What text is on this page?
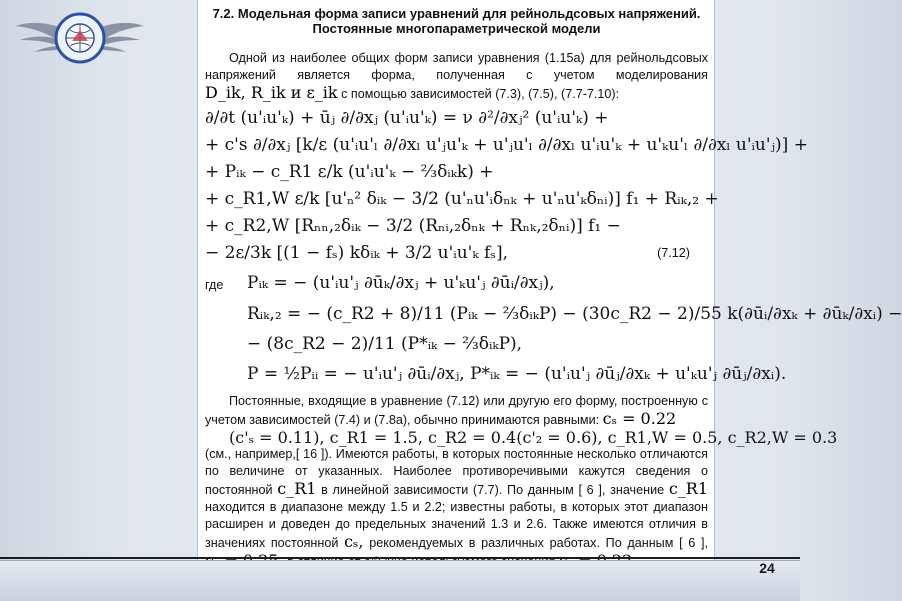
7.2. Модельная форма записи уравнений для рейнольдсовых напряжений.
Постоянные многопараметрической модели
Одной из наиболее общих форм записи уравнения (1.15а) для рейнольдсовых напряжений является форма, полученная с учетом моделирования D_ik, R_ik и ε_ik с помощью зависимостей (7.3), (7.5), (7.7-7.10):
∂/∂t (u'ᵢu'ₖ) + ūⱼ ∂/∂xⱼ (u'ᵢu'ₖ) = ν ∂²/∂xⱼ² (u'ᵢu'ₖ) +
+ c's ∂/∂xⱼ [k/ε (u'ᵢu'ₗ ∂/∂xₗ u'ⱼu'ₖ + u'ⱼu'ₗ ∂/∂xₗ u'ᵢu'ₖ + u'ₖu'ₗ ∂/∂xₗ u'ᵢu'ⱼ)] +
+ Pᵢₖ − c_R1 ε/k (u'ᵢu'ₖ − ⅔δᵢₖk) +
+ c_R1,W ε/k [u'ₙ² δᵢₖ − 3/2 (u'ₙu'ᵢδₙₖ + u'ₙu'ₖδₙᵢ)] f₁ + Rᵢₖ,₂ +
+ c_R2,W [Rₙₙ,₂δᵢₖ − 3/2 (Rₙᵢ,₂δₙₖ + Rₙₖ,₂δₙᵢ)] f₁ −
− 2ε/3k [(1 − fₛ) kδᵢₖ + 3/2 u'ᵢu'ₖ fₛ],	(7.12)
где Pᵢₖ = − (u'ᵢu'ⱼ ∂ūₖ/∂xⱼ + u'ₖu'ⱼ ∂ūᵢ/∂xⱼ),
Rᵢₖ,₂ = − (c_R2 + 8)/11 (Pᵢₖ − ⅔δᵢₖP) − (30c_R2 − 2)/55 k(∂ūᵢ/∂xₖ + ∂ūₖ/∂xᵢ) −
− (8c_R2 − 2)/11 (P*ᵢₖ − ⅔δᵢₖP),
P = ½Pᵢᵢ = − u'ᵢu'ⱼ ∂ūᵢ/∂xⱼ, P*ᵢₖ = − (u'ᵢu'ⱼ ∂ūⱼ/∂xₖ + u'ₖu'ⱼ ∂ūⱼ/∂xᵢ).
Постоянные, входящие в уравнение (7.12) или другую его форму, построенную с учетом зависимостей (7.4) и (7.8а), обычно принимаются равными: cₛ = 0.22
(c'ₛ = 0.11), c_R1 = 1.5, c_R2 = 0.4(c'₂ = 0.6), c_R1,W = 0.5, c_R2,W = 0.3
(см., например,[ 16 ]). Имеются работы, в которых постоянные несколько отличаются по величине от указанных. Наиболее противоречивыми кажутся сведения о постоянной c_R1 в линейной зависимости (7.7). По данным [ 6 ], значение c_R1 находится в диапазоне между 1.5 и 2.2; известны работы, в которых этот диапазон расширен и доведен до предельных значений 1.3 и 2.6. Также имеются отличия в значениях постоянной cₛ, рекомендуемых в различных работах. По данным [ 6 ],
24
